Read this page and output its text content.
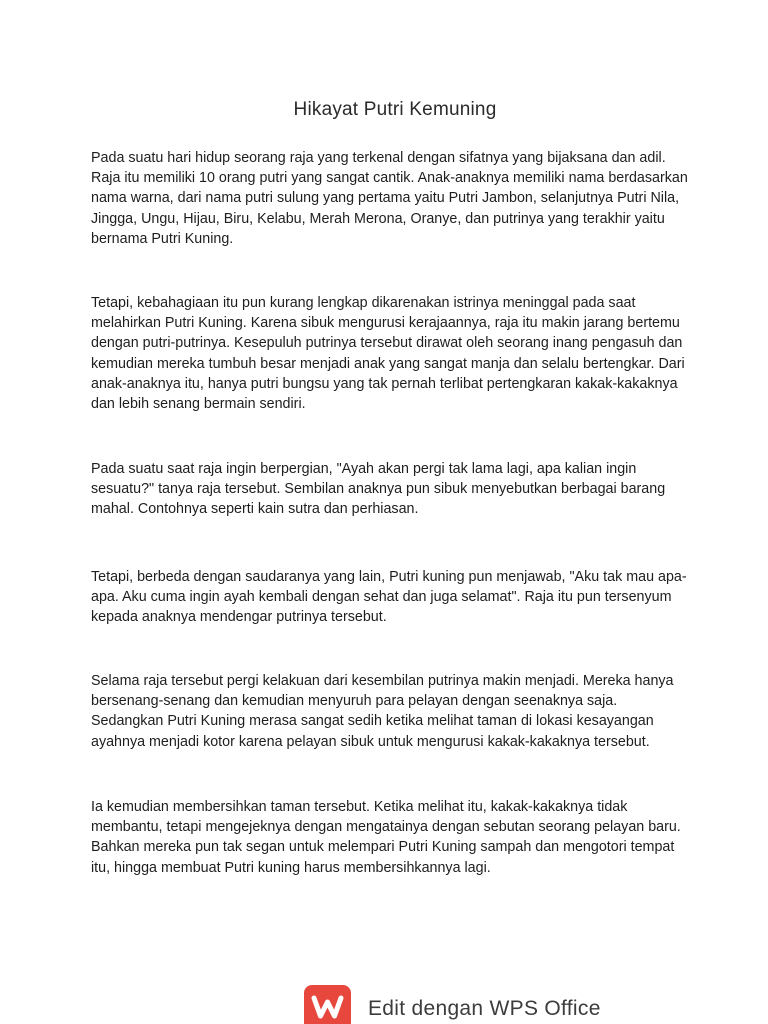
Hikayat Putri Kemuning

Pada suatu hari hidup seorang raja yang terkenal dengan sifatnya yang bijaksana dan adil. Raja itu memiliki 10 orang putri yang sangat cantik. Anak-anaknya memiliki nama berdasarkan nama warna, dari nama putri sulung yang pertama yaitu Putri Jambon, selanjutnya Putri Nila, Jingga, Ungu, Hijau, Biru, Kelabu, Merah Merona, Oranye, dan putrinya yang terakhir yaitu bernama Putri Kuning.

Tetapi, kebahagiaan itu pun kurang lengkap dikarenakan istrinya meninggal pada saat melahirkan Putri Kuning. Karena sibuk mengurusi kerajaannya, raja itu makin jarang bertemu dengan putri-putrinya. Kesepuluh putrinya tersebut dirawat oleh seorang inang pengasuh dan kemudian mereka tumbuh besar menjadi anak yang sangat manja dan selalu bertengkar. Dari anak-anaknya itu, hanya putri bungsu yang tak pernah terlibat pertengkaran kakak-kakaknya dan lebih senang bermain sendiri.

Pada suatu saat raja ingin berpergian, "Ayah akan pergi tak lama lagi, apa kalian ingin sesuatu?" tanya raja tersebut. Sembilan anaknya pun sibuk menyebutkan berbagai barang mahal. Contohnya seperti kain sutra dan perhiasan.

Tetapi, berbeda dengan saudaranya yang lain, Putri kuning pun menjawab, "Aku tak mau apa-apa. Aku cuma ingin ayah kembali dengan sehat dan juga selamat". Raja itu pun tersenyum kepada anaknya mendengar putrinya tersebut.

Selama raja tersebut pergi kelakuan dari kesembilan putrinya makin menjadi. Mereka hanya bersenang-senang dan kemudian menyuruh para pelayan dengan seenaknya saja. Sedangkan Putri Kuning merasa sangat sedih ketika melihat taman di lokasi kesayangan ayahnya menjadi kotor karena pelayan sibuk untuk mengurusi kakak-kakaknya tersebut.

Ia kemudian membersihkan taman tersebut. Ketika melihat itu, kakak-kakaknya tidak membantu, tetapi mengejeknya dengan mengatainya dengan sebutan seorang pelayan baru. Bahkan mereka pun tak segan untuk melempari Putri Kuning sampah dan mengotori tempat itu, hingga membuat Putri kuning harus membersihkannya lagi.

Edit dengan WPS Office
